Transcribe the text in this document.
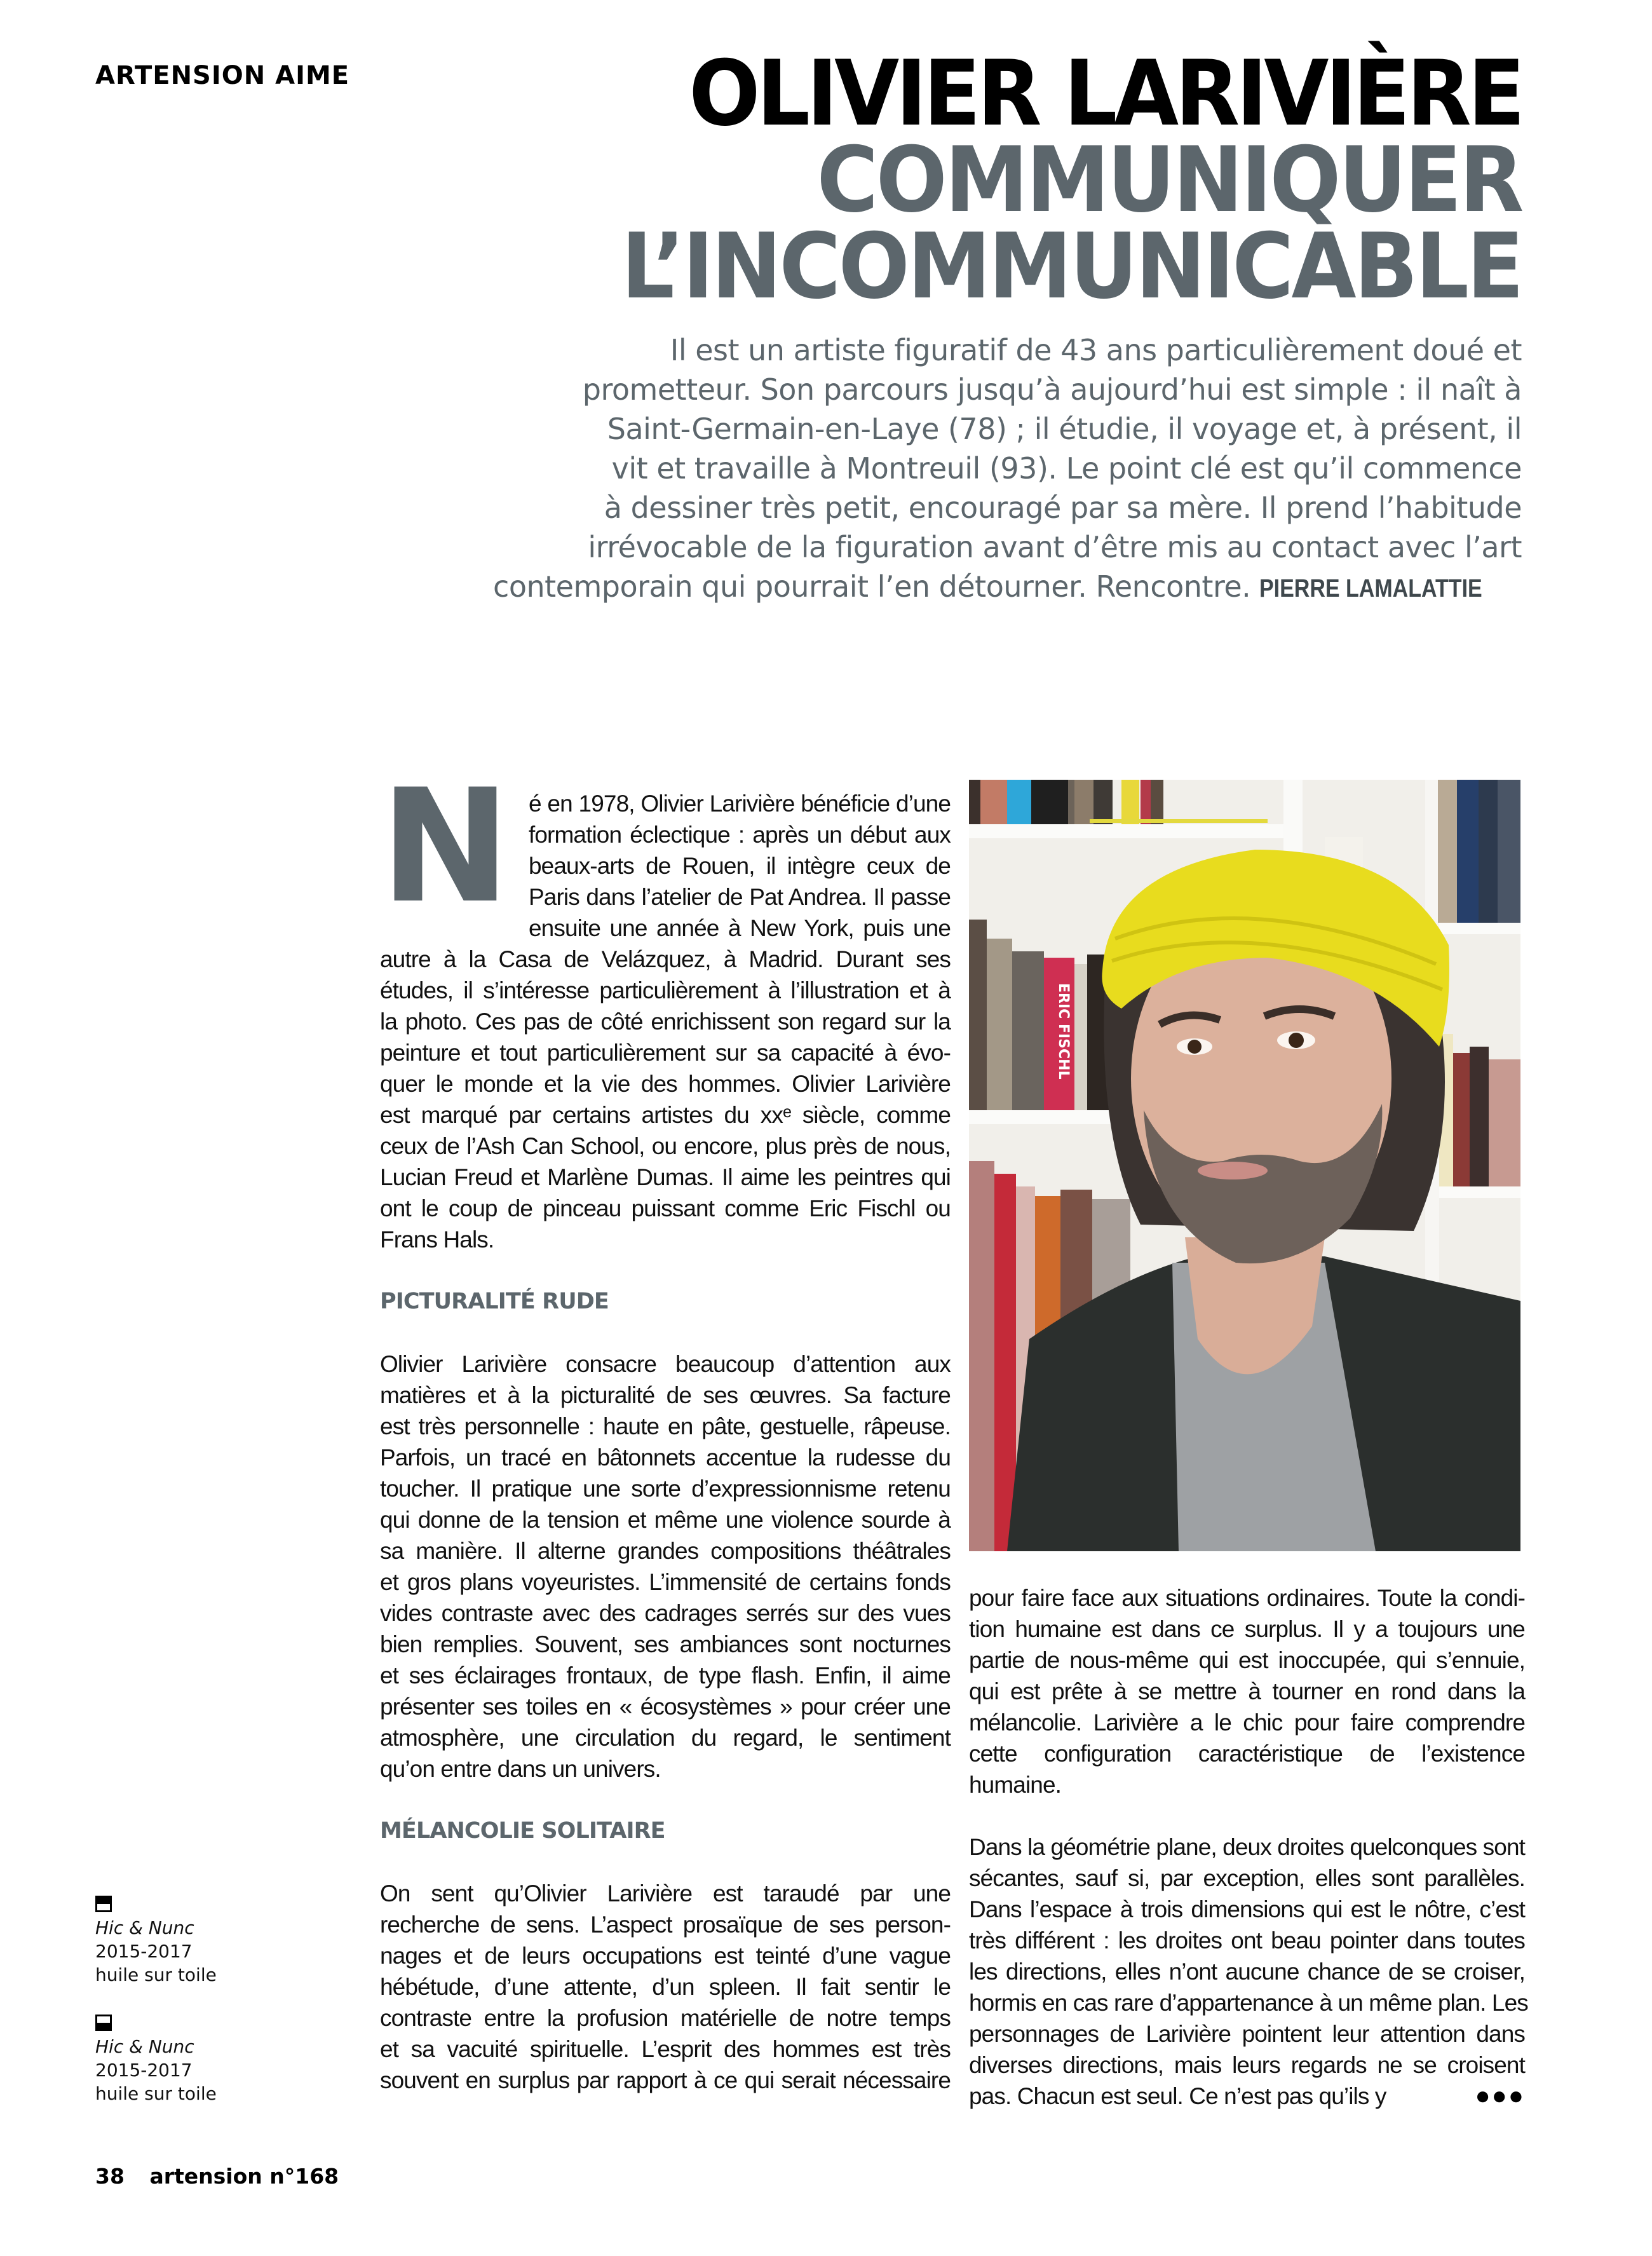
ARTENSION AIME	OLIVIER LARIVIÈRE
COMMUNIQUER
L’INCOMMUNICABLE
Il est un artiste figuratif de 43 ans particulièrement doué et
prometteur. Son parcours jusqu’à aujourd’hui est simple : il naît à
Saint-Germain-en-Laye (78) ; il étudie, il voyage et, à présent, il
vit et travaille à Montreuil (93). Le point clé est qu’il commence
à dessiner très petit, encouragé par sa mère. Il prend l’habitude
irrévocable de la figuration avant d’être mis au contact avec l’art
contemporain qui pourrait l’en détourner. Rencontre. PIERRE LAMALATTIE
N é en 1978, Olivier Larivière bénéficie d’une
formation éclectique : après un début aux
beaux-arts de Rouen, il intègre ceux de
Paris dans l’atelier de Pat Andrea. Il passe
ensuite une année à New York, puis une
autre à la Casa de Velázquez, à Madrid. Durant ses
études, il s’intéresse particulièrement à l’illustration et à
la photo. Ces pas de côté enrichissent son regard sur la
peinture et tout particulièrement sur sa capacité à évo-
quer le monde et la vie des hommes. Olivier Larivière
est marqué par certains artistes du xxᵉ siècle, comme
ceux de l’Ash Can School, ou encore, plus près de nous,
Lucian Freud et Marlène Dumas. Il aime les peintres qui
ont le coup de pinceau puissant comme Eric Fischl ou
Frans Hals.
PICTURALITÉ RUDE
Olivier Larivière consacre beaucoup d’attention aux
matières et à la picturalité de ses œuvres. Sa facture
est très personnelle : haute en pâte, gestuelle, râpeuse.
Parfois, un tracé en bâtonnets accentue la rudesse du
toucher. Il pratique une sorte d’expressionnisme retenu
qui donne de la tension et même une violence sourde à
sa manière. Il alterne grandes compositions théâtrales
et gros plans voyeuristes. L’immensité de certains fonds
vides contraste avec des cadrages serrés sur des vues
bien remplies. Souvent, ses ambiances sont nocturnes
et ses éclairages frontaux, de type flash. Enfin, il aime
présenter ses toiles en « écosystèmes » pour créer une
atmosphère, une circulation du regard, le sentiment
qu’on entre dans un univers.
MÉLANCOLIE SOLITAIRE
On sent qu’Olivier Larivière est taraudé par une
recherche de sens. L’aspect prosaïque de ses person-
nages et de leurs occupations est teinté d’une vague
hébétude, d’une attente, d’un spleen. Il fait sentir le
contraste entre la profusion matérielle de notre temps
et sa vacuité spirituelle. L’esprit des hommes est très
souvent en surplus par rapport à ce qui serait nécessaire
ERIC FISCHL
pour faire face aux situations ordinaires. Toute la condi-
tion humaine est dans ce surplus. Il y a toujours une
partie de nous-même qui est inoccupée, qui s’ennuie,
qui est prête à se mettre à tourner en rond dans la
mélancolie. Larivière a le chic pour faire comprendre
cette configuration caractéristique de l’existence
humaine.
Dans la géométrie plane, deux droites quelconques sont
sécantes, sauf si, par exception, elles sont parallèles.
Dans l’espace à trois dimensions qui est le nôtre, c’est
très différent : les droites ont beau pointer dans toutes
les directions, elles n’ont aucune chance de se croiser,
hormis en cas rare d’appartenance à un même plan. Les
personnages de Larivière pointent leur attention dans
diverses directions, mais leurs regards ne se croisent
pas. Chacun est seul. Ce n’est pas qu’ils y	●●●
Hic & Nunc
2015-2017
huile sur toile
Hic & Nunc
2015-2017
huile sur toile
38 artension n°168
